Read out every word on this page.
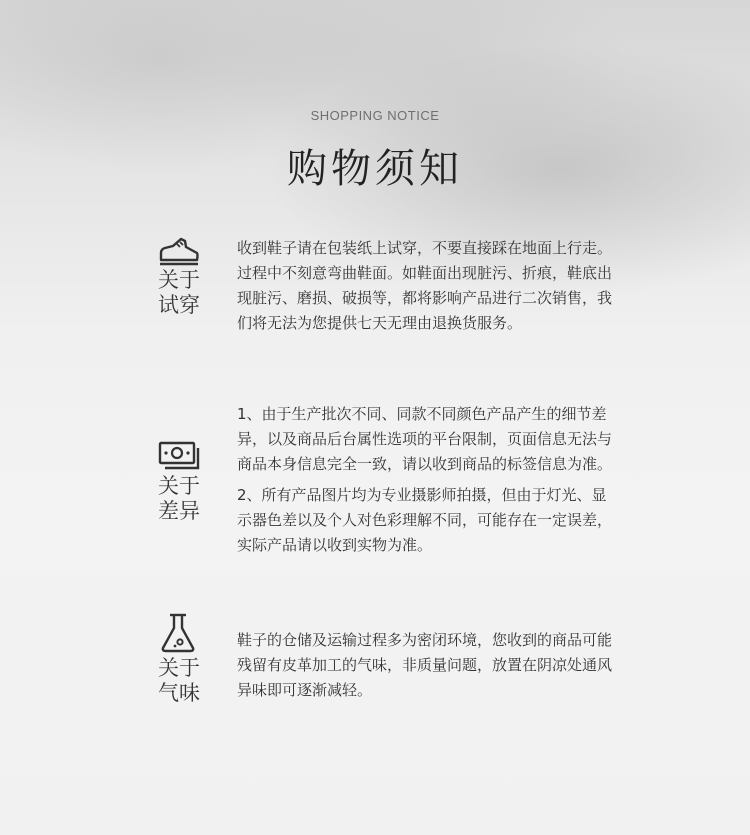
SHOPPING NOTICE
购物须知
关于
试穿

收到鞋子请在包装纸上试穿，不要直接踩在地面上行走。过程中不刻意弯曲鞋面。如鞋面出现脏污、折痕，鞋底出现脏污、磨损、破损等，都将影响产品进行二次销售，我们将无法为您提供七天无理由退换货服务。

关于
差异

1、由于生产批次不同、同款不同颜色产品产生的细节差异，以及商品后台属性选项的平台限制，页面信息无法与商品本身信息完全一致，请以收到商品的标签信息为准。

2、所有产品图片均为专业摄影师拍摄，但由于灯光、显示器色差以及个人对色彩理解不同，可能存在一定误差，实际产品请以收到实物为准。

关于
气味

鞋子的仓储及运输过程多为密闭环境，您收到的商品可能残留有皮革加工的气味，非质量问题，放置在阴凉处通风异味即可逐渐减轻。
